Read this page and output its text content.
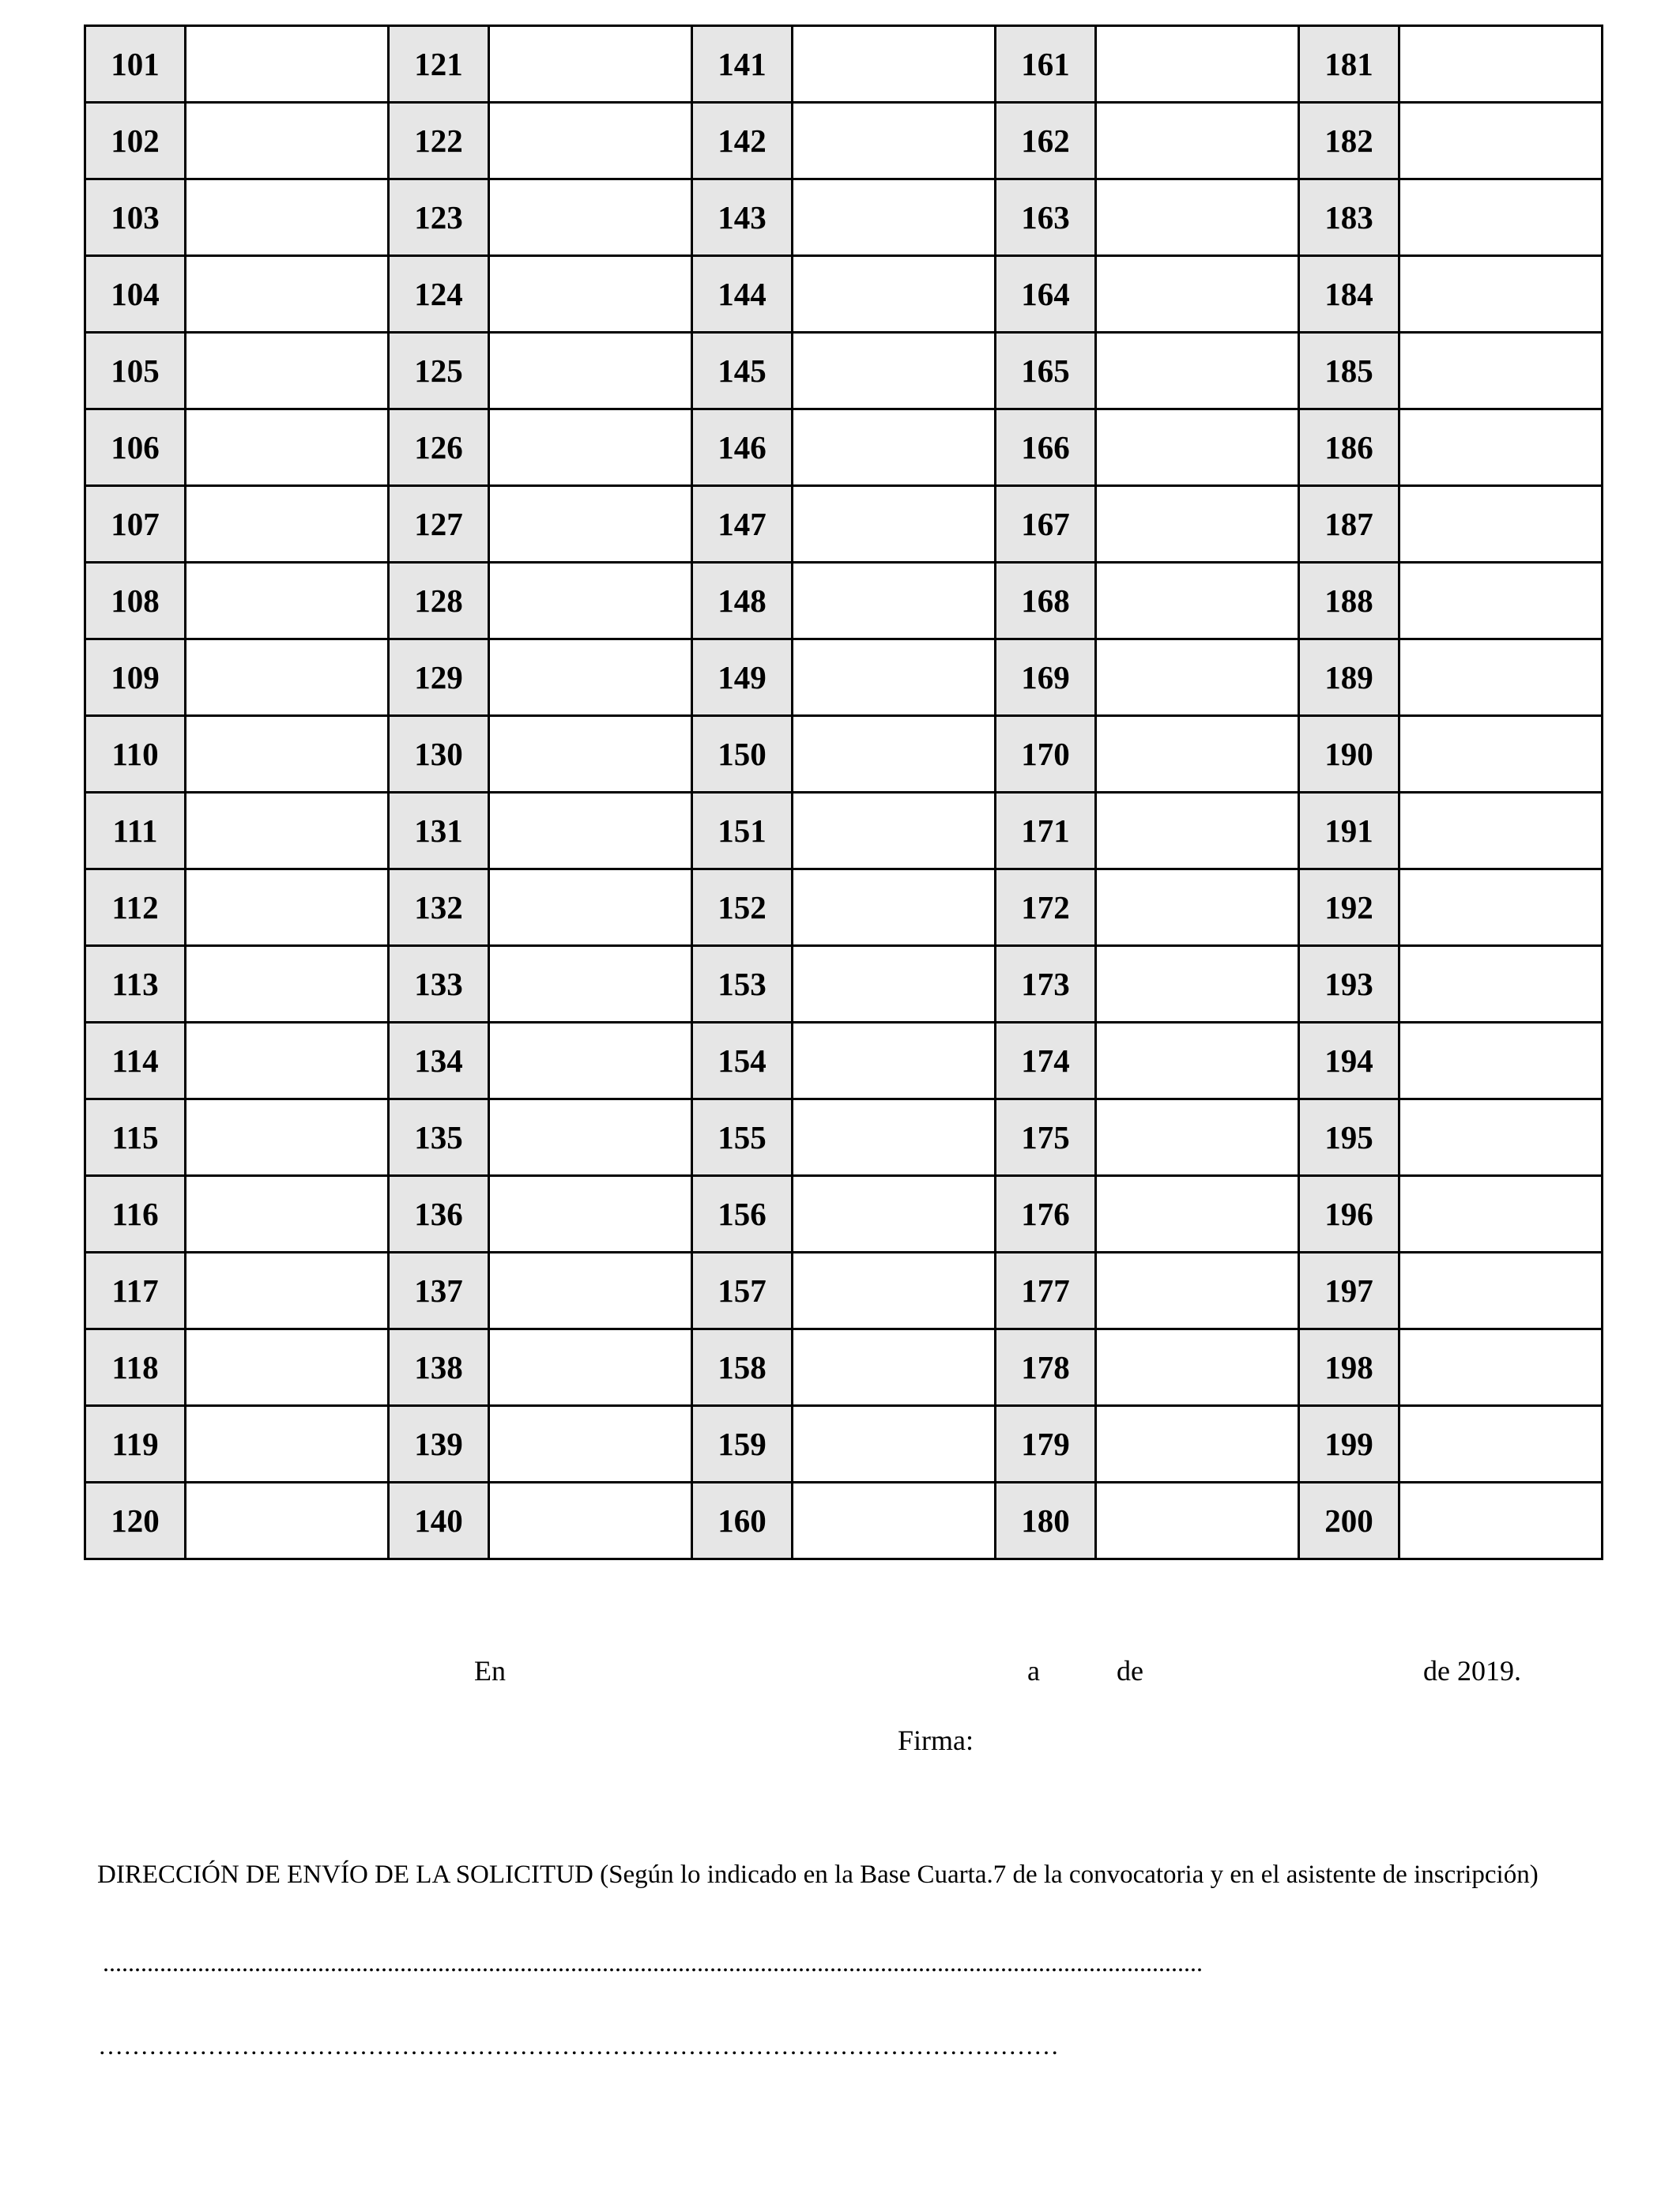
101		121		141		161		181	
102		122		142		162		182	
103		123		143		163		183	
104		124		144		164		184	
105		125		145		165		185	
106		126		146		166		186	
107		127		147		167		187	
108		128		148		168		188	
109		129		149		169		189	
110		130		150		170		190	
111		131		151		171		191	
112		132		152		172		192	
113		133		153		173		193	
114		134		154		174		194	
115		135		155		175		195	
116		136		156		176		196	
117		137		157		177		197	
118		138		158		178		198	
119		139		159		179		199	
120		140		160		180		200	
En	a	de	de 2019.
Firma:
DIRECCIÓN DE ENVÍO DE LA SOLICITUD (Según lo indicado en la Base Cuarta.7 de la convocatoria y en el asistente de inscripción)
..............................................................................................................................................................................
……………………………………………………………………………………………………
